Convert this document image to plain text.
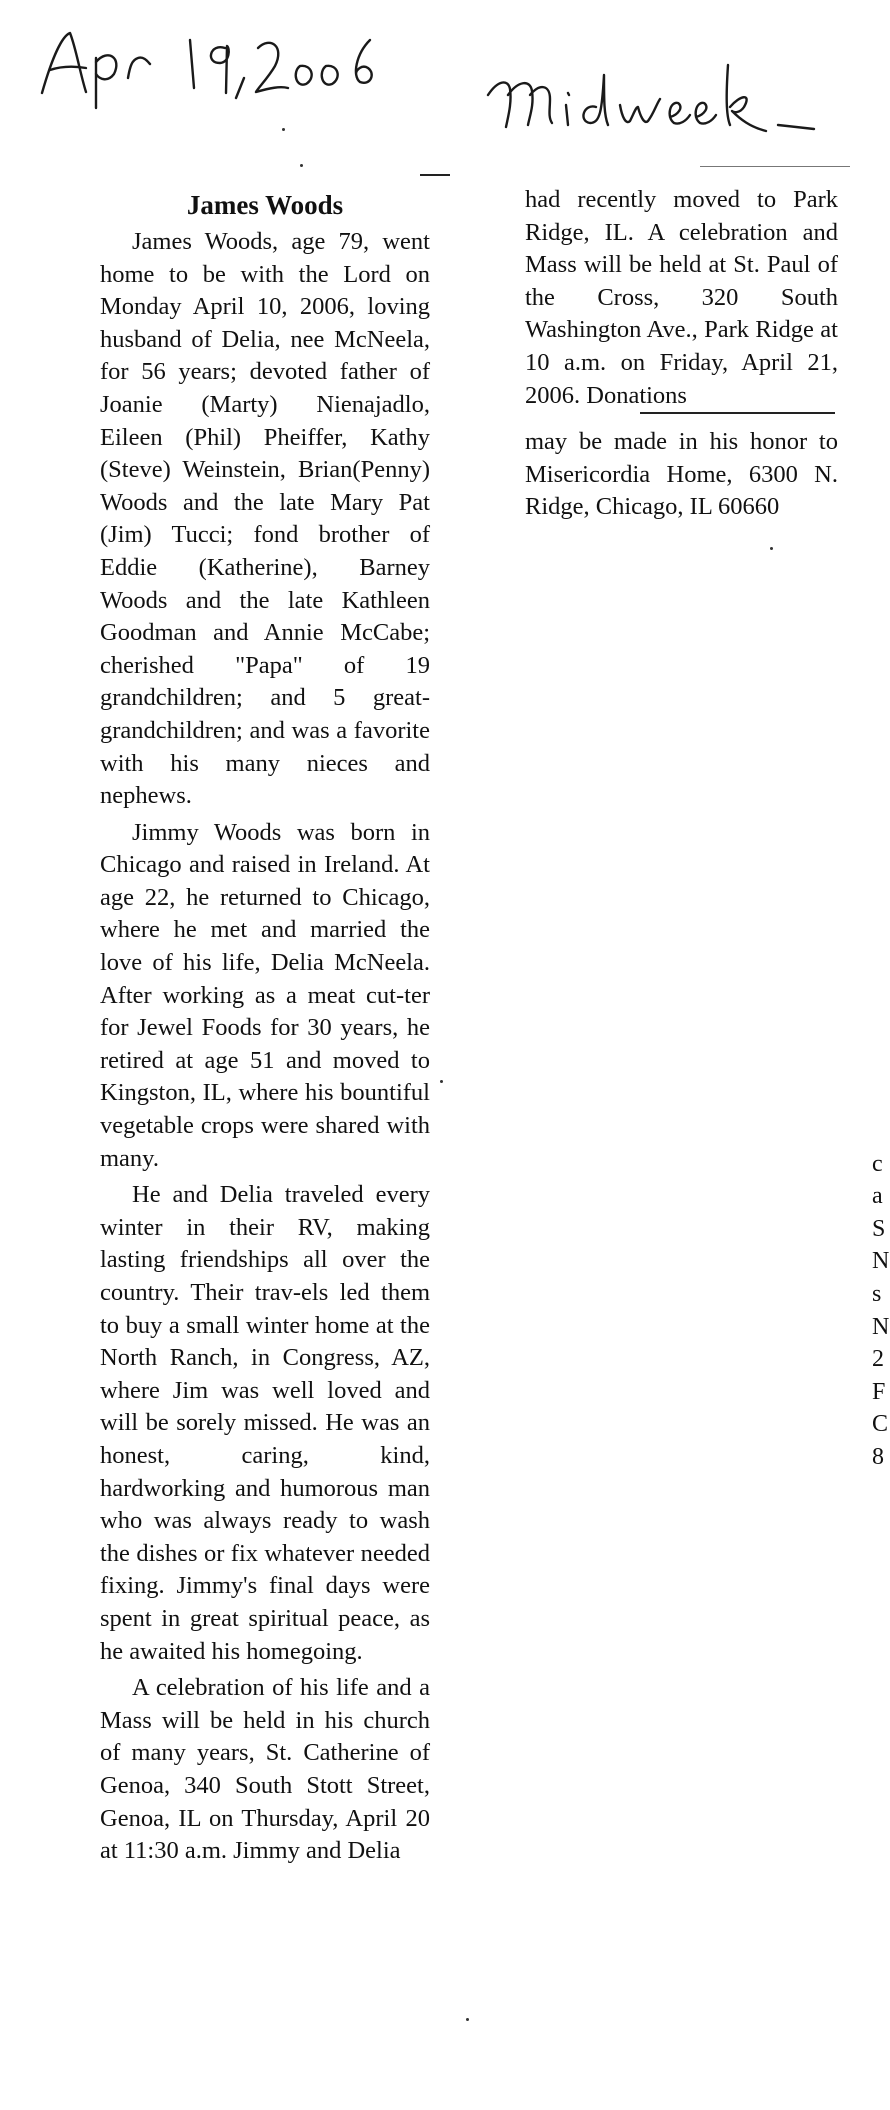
James Woods

James Woods, age 79, went home to be with the Lord on Monday April 10, 2006, loving husband of Delia, nee McNeela, for 56 years; devoted father of Joanie (Marty) Nienajadlo, Eileen (Phil) Pheiffer, Kathy (Steve) Weinstein, Brian(Penny) Woods and the late Mary Pat (Jim) Tucci; fond brother of Eddie (Katherine), Barney Woods and the late Kathleen Goodman and Annie McCabe; cherished "Papa" of 19 grandchildren; and 5 great-grandchildren; and was a favorite with his many nieces and nephews.

Jimmy Woods was born in Chicago and raised in Ireland. At age 22, he returned to Chicago, where he met and married the love of his life, Delia McNeela. After working as a meat cut-ter for Jewel Foods for 30 years, he retired at age 51 and moved to Kingston, IL, where his bountiful vegetable crops were shared with many.

He and Delia traveled every winter in their RV, making lasting friendships all over the country. Their trav-els led them to buy a small winter home at the North Ranch, in Congress, AZ, where Jim was well loved and will be sorely missed. He was an honest, caring, kind, hardworking and humorous man who was always ready to wash the dishes or fix whatever needed fixing. Jimmy's final days were spent in great spiritual peace, as he awaited his homegoing.

A celebration of his life and a Mass will be held in his church of many years, St. Catherine of Genoa, 340 South Stott Street, Genoa, IL on Thursday, April 20 at 11:30 a.m. Jimmy and Delia

had recently moved to Park Ridge, IL. A celebration and Mass will be held at St. Paul of the Cross, 320 South Washington Ave., Park Ridge at 10 a.m. on Friday, April 21, 2006. Donations

may be made in his honor to Misericordia Home, 6300 N. Ridge, Chicago, IL 60660

c
a
S
N
s
N
2
F
C
8
